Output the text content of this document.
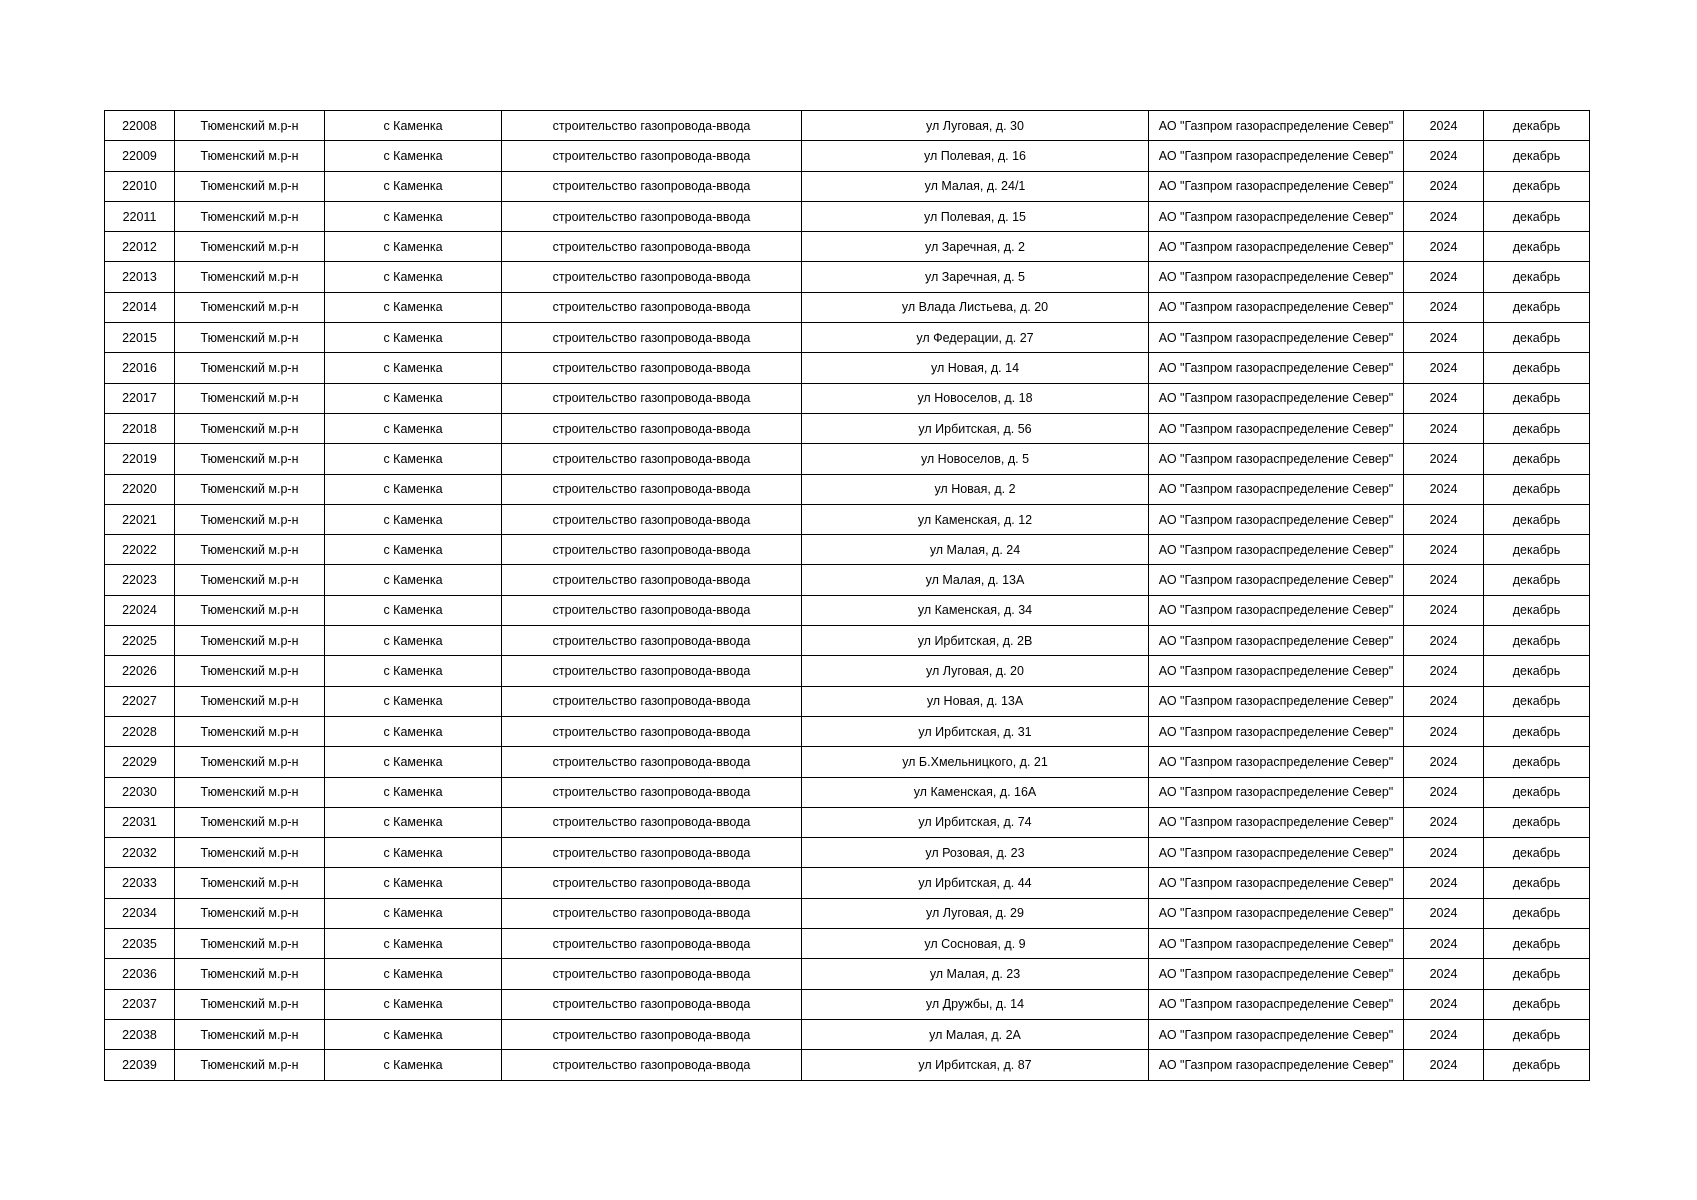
22008	Тюменский м.р-н	с Каменка	строительство газопровода-ввода	ул Луговая, д. 30	АО "Газпром газораспределение Север"	2024	декабрь
22009	Тюменский м.р-н	с Каменка	строительство газопровода-ввода	ул Полевая, д. 16	АО "Газпром газораспределение Север"	2024	декабрь
22010	Тюменский м.р-н	с Каменка	строительство газопровода-ввода	ул Малая, д. 24/1	АО "Газпром газораспределение Север"	2024	декабрь
22011	Тюменский м.р-н	с Каменка	строительство газопровода-ввода	ул Полевая, д. 15	АО "Газпром газораспределение Север"	2024	декабрь
22012	Тюменский м.р-н	с Каменка	строительство газопровода-ввода	ул Заречная, д. 2	АО "Газпром газораспределение Север"	2024	декабрь
22013	Тюменский м.р-н	с Каменка	строительство газопровода-ввода	ул Заречная, д. 5	АО "Газпром газораспределение Север"	2024	декабрь
22014	Тюменский м.р-н	с Каменка	строительство газопровода-ввода	ул Влада Листьева, д. 20	АО "Газпром газораспределение Север"	2024	декабрь
22015	Тюменский м.р-н	с Каменка	строительство газопровода-ввода	ул Федерации, д. 27	АО "Газпром газораспределение Север"	2024	декабрь
22016	Тюменский м.р-н	с Каменка	строительство газопровода-ввода	ул Новая, д. 14	АО "Газпром газораспределение Север"	2024	декабрь
22017	Тюменский м.р-н	с Каменка	строительство газопровода-ввода	ул Новоселов, д. 18	АО "Газпром газораспределение Север"	2024	декабрь
22018	Тюменский м.р-н	с Каменка	строительство газопровода-ввода	ул Ирбитская, д. 56	АО "Газпром газораспределение Север"	2024	декабрь
22019	Тюменский м.р-н	с Каменка	строительство газопровода-ввода	ул Новоселов, д. 5	АО "Газпром газораспределение Север"	2024	декабрь
22020	Тюменский м.р-н	с Каменка	строительство газопровода-ввода	ул Новая, д. 2	АО "Газпром газораспределение Север"	2024	декабрь
22021	Тюменский м.р-н	с Каменка	строительство газопровода-ввода	ул Каменская, д. 12	АО "Газпром газораспределение Север"	2024	декабрь
22022	Тюменский м.р-н	с Каменка	строительство газопровода-ввода	ул Малая, д. 24	АО "Газпром газораспределение Север"	2024	декабрь
22023	Тюменский м.р-н	с Каменка	строительство газопровода-ввода	ул Малая, д. 13А	АО "Газпром газораспределение Север"	2024	декабрь
22024	Тюменский м.р-н	с Каменка	строительство газопровода-ввода	ул Каменская, д. 34	АО "Газпром газораспределение Север"	2024	декабрь
22025	Тюменский м.р-н	с Каменка	строительство газопровода-ввода	ул Ирбитская, д. 2В	АО "Газпром газораспределение Север"	2024	декабрь
22026	Тюменский м.р-н	с Каменка	строительство газопровода-ввода	ул Луговая, д. 20	АО "Газпром газораспределение Север"	2024	декабрь
22027	Тюменский м.р-н	с Каменка	строительство газопровода-ввода	ул Новая, д. 13А	АО "Газпром газораспределение Север"	2024	декабрь
22028	Тюменский м.р-н	с Каменка	строительство газопровода-ввода	ул Ирбитская, д. 31	АО "Газпром газораспределение Север"	2024	декабрь
22029	Тюменский м.р-н	с Каменка	строительство газопровода-ввода	ул Б.Хмельницкого, д. 21	АО "Газпром газораспределение Север"	2024	декабрь
22030	Тюменский м.р-н	с Каменка	строительство газопровода-ввода	ул Каменская, д. 16А	АО "Газпром газораспределение Север"	2024	декабрь
22031	Тюменский м.р-н	с Каменка	строительство газопровода-ввода	ул Ирбитская, д. 74	АО "Газпром газораспределение Север"	2024	декабрь
22032	Тюменский м.р-н	с Каменка	строительство газопровода-ввода	ул Розовая, д. 23	АО "Газпром газораспределение Север"	2024	декабрь
22033	Тюменский м.р-н	с Каменка	строительство газопровода-ввода	ул Ирбитская, д. 44	АО "Газпром газораспределение Север"	2024	декабрь
22034	Тюменский м.р-н	с Каменка	строительство газопровода-ввода	ул Луговая, д. 29	АО "Газпром газораспределение Север"	2024	декабрь
22035	Тюменский м.р-н	с Каменка	строительство газопровода-ввода	ул Сосновая, д. 9	АО "Газпром газораспределение Север"	2024	декабрь
22036	Тюменский м.р-н	с Каменка	строительство газопровода-ввода	ул Малая, д. 23	АО "Газпром газораспределение Север"	2024	декабрь
22037	Тюменский м.р-н	с Каменка	строительство газопровода-ввода	ул Дружбы, д. 14	АО "Газпром газораспределение Север"	2024	декабрь
22038	Тюменский м.р-н	с Каменка	строительство газопровода-ввода	ул Малая, д. 2А	АО "Газпром газораспределение Север"	2024	декабрь
22039	Тюменский м.р-н	с Каменка	строительство газопровода-ввода	ул Ирбитская, д. 87	АО "Газпром газораспределение Север"	2024	декабрь
